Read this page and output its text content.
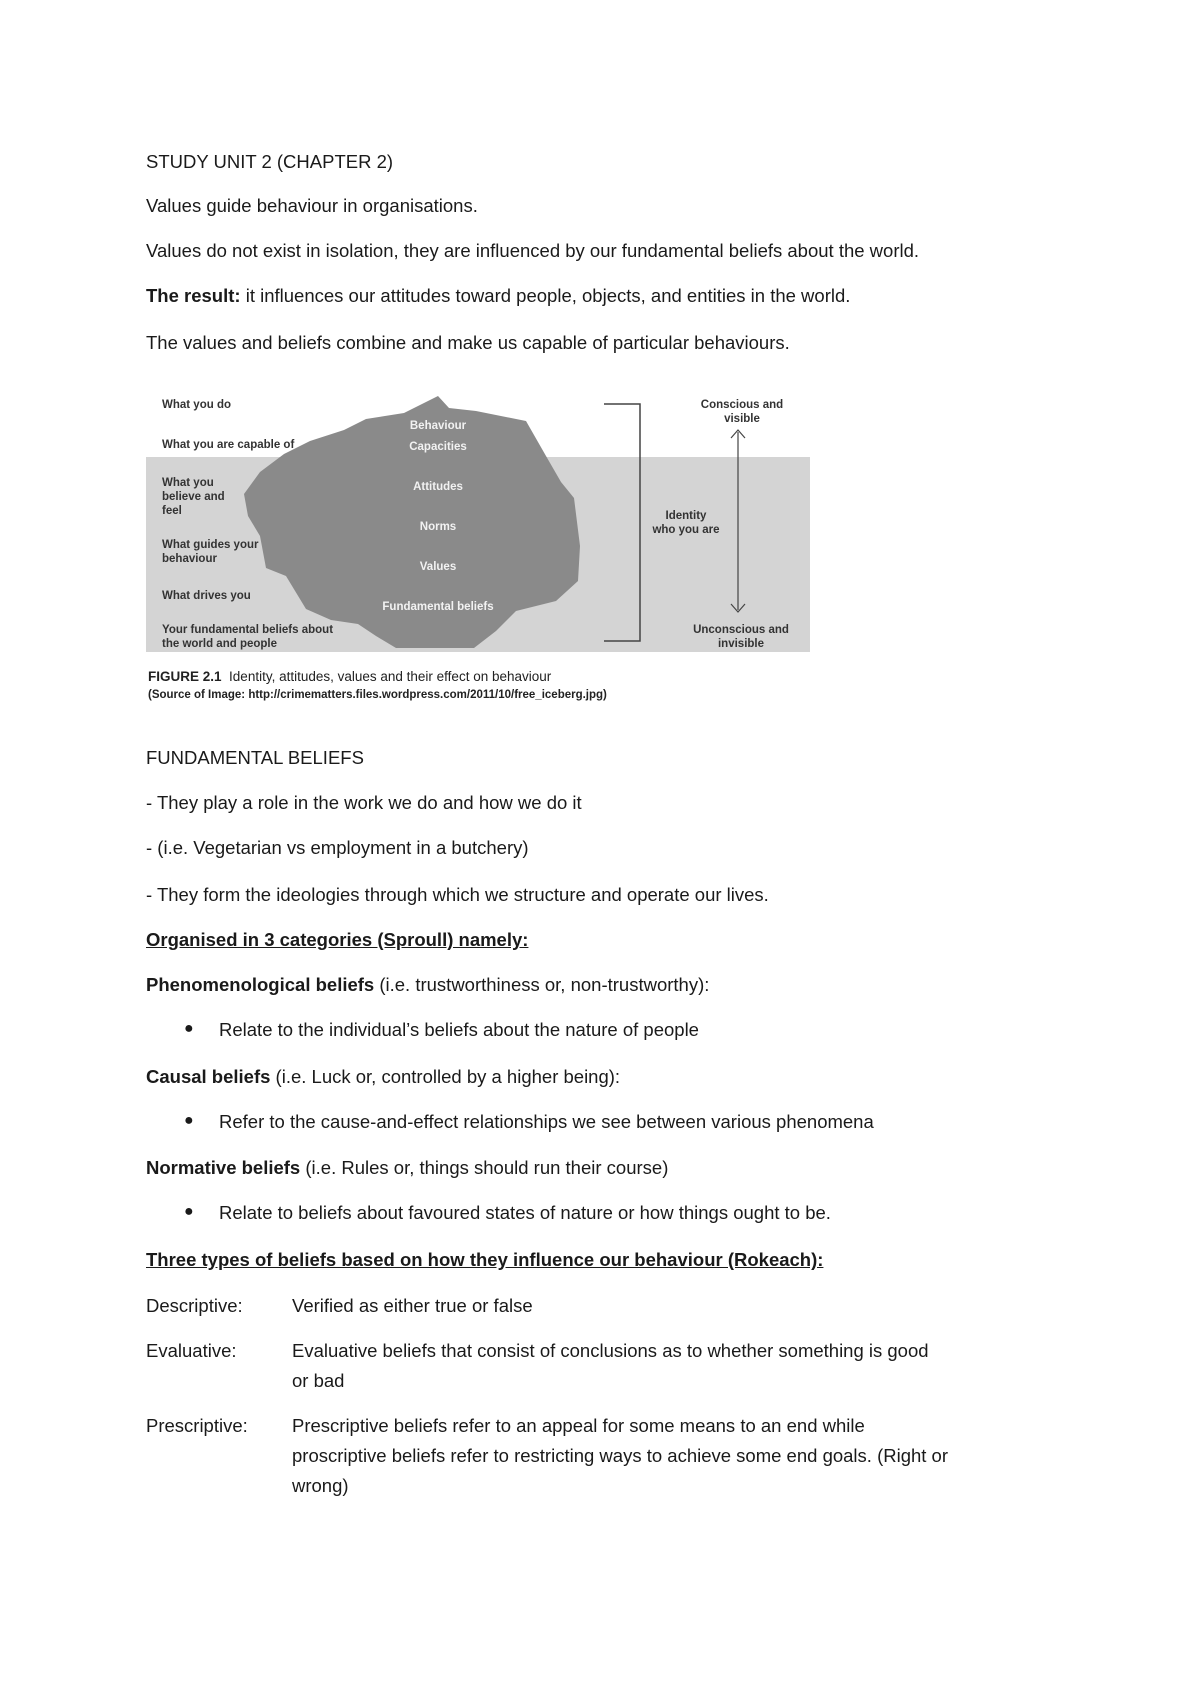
STUDY UNIT 2 (CHAPTER 2)
Values guide behaviour in organisations.
Values do not exist in isolation, they are influenced by our fundamental beliefs about the world.
The result: it influences our attitudes toward people, objects, and entities in the world.
The values and beliefs combine and make us capable of particular behaviours.
What you do
What you are capable of
What you believe and feel
What guides your behaviour
What drives you
Your fundamental beliefs about the world and people
Behaviour
Capacities
Attitudes
Norms
Values
Fundamental beliefs
Conscious and visible
Identity
who you are
Unconscious and invisible
FIGURE 2.1 Identity, attitudes, values and their effect on behaviour
(Source of Image: http://crimematters.files.wordpress.com/2011/10/free_iceberg.jpg)
FUNDAMENTAL BELIEFS
- They play a role in the work we do and how we do it
- (i.e. Vegetarian vs employment in a butchery)
- They form the ideologies through which we structure and operate our lives.
Organised in 3 categories (Sproull) namely:
Phenomenological beliefs (i.e. trustworthiness or, non-trustworthy):
● Relate to the individual’s beliefs about the nature of people
Causal beliefs (i.e. Luck or, controlled by a higher being):
● Refer to the cause-and-effect relationships we see between various phenomena
Normative beliefs (i.e. Rules or, things should run their course)
● Relate to beliefs about favoured states of nature or how things ought to be.
Three types of beliefs based on how they influence our behaviour (Rokeach):
Descriptive:	Verified as either true or false
Evaluative:	Evaluative beliefs that consist of conclusions as to whether something is good or bad
Prescriptive: Prescriptive beliefs refer to an appeal for some means to an end while proscriptive beliefs refer to restricting ways to achieve some end goals. (Right or wrong)
